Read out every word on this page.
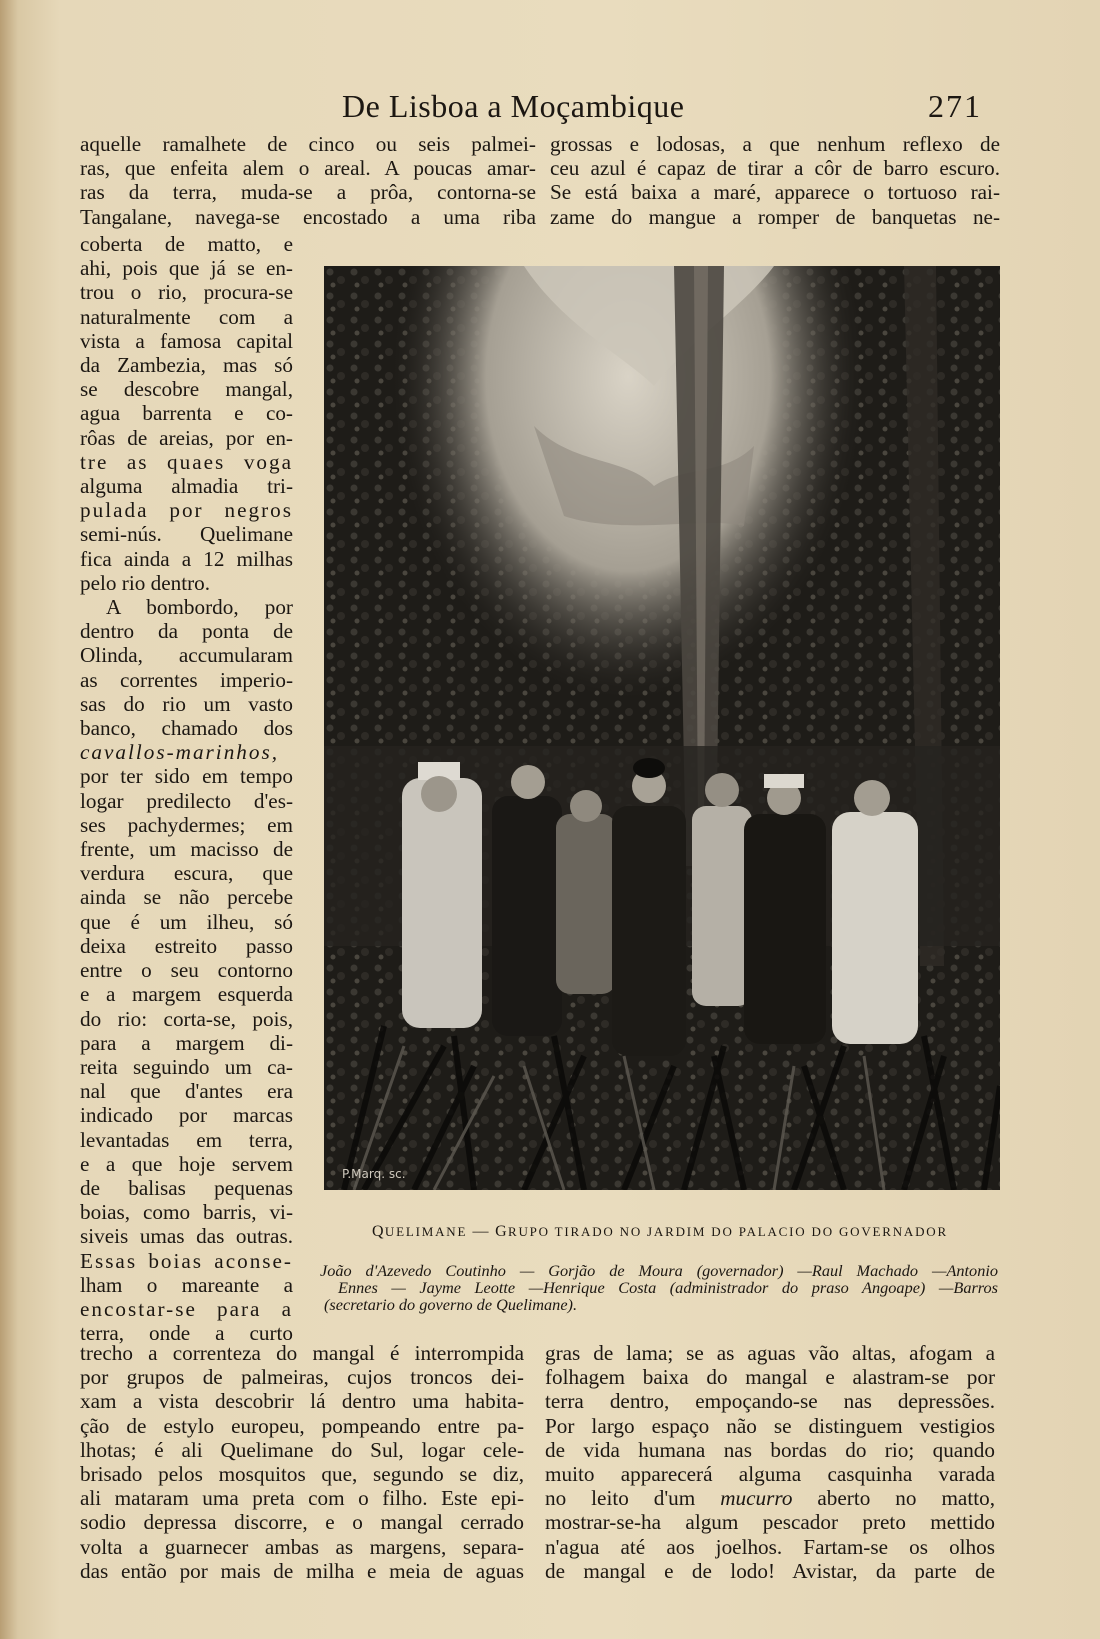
De Lisboa a Moçambique	271
aquelle ramalhete de cinco ou seis palmei-
ras, que enfeita alem o areal. A poucas amar-
ras da terra, muda-se a prôa, contorna-se
Tangalane, navega-se encostado a uma riba
grossas e lodosas, a que nenhum reflexo de
ceu azul é capaz de tirar a côr de barro escuro.
Se está baixa a maré, apparece o tortuoso rai-
zame do mangue a romper de banquetas ne-
coberta de matto, e
ahi, pois que já se en-
trou o rio, procura-se
naturalmente com a
vista a famosa capital
da Zambezia, mas só
se descobre mangal,
agua barrenta e co-
rôas de areias, por en-
tre as quaes voga
alguma almadia tri-
pulada por negros
semi-nús. Quelimane
fica ainda a 12 milhas
pelo rio dentro.
A bombordo, por
dentro da ponta de
Olinda, accumularam
as correntes imperio-
sas do rio um vasto
banco, chamado dos
cavallos-marinhos,
por ter sido em tempo
logar predilecto d'es-
ses pachydermes; em
frente, um macisso de
verdura escura, que
ainda se não percebe
que é um ilheu, só
deixa estreito passo
entre o seu contorno
e a margem esquerda
do rio: corta-se, pois,
para a margem di-
reita seguindo um ca-
nal que d'antes era
indicado por marcas
levantadas em terra,
e a que hoje servem
de balisas pequenas
boias, como barris, vi-
siveis umas das outras.
Essas boias aconse-
lham o mareante a
encostar-se para a
terra, onde a curto
P.Marq. sc.
QUELIMANE — GRUPO TIRADO NO JARDIM DO PALACIO DO GOVERNADOR
João d'Azevedo Coutinho — Gorjão de Moura (governador) —Raul Machado —Antonio
Ennes — Jayme Leotte —Henrique Costa (administrador do praso Angoape) —Barros
(secretario do governo de Quelimane).
trecho a correnteza do mangal é interrompida
por grupos de palmeiras, cujos troncos dei-
xam a vista descobrir lá dentro uma habita-
ção de estylo europeu, pompeando entre pa-
lhotas; é ali Quelimane do Sul, logar cele-
brisado pelos mosquitos que, segundo se diz,
ali mataram uma preta com o filho. Este epi-
sodio depressa discorre, e o mangal cerrado
volta a guarnecer ambas as margens, separa-
das então por mais de milha e meia de aguas
gras de lama; se as aguas vão altas, afogam a
folhagem baixa do mangal e alastram-se por
terra dentro, empoçando-se nas depressões.
Por largo espaço não se distinguem vestigios
de vida humana nas bordas do rio; quando
muito apparecerá alguma casquinha varada
no leito d'um mucurro aberto no matto,
mostrar-se-ha algum pescador preto mettido
n'agua até aos joelhos. Fartam-se os olhos
de mangal e de lodo! Avistar, da parte de
